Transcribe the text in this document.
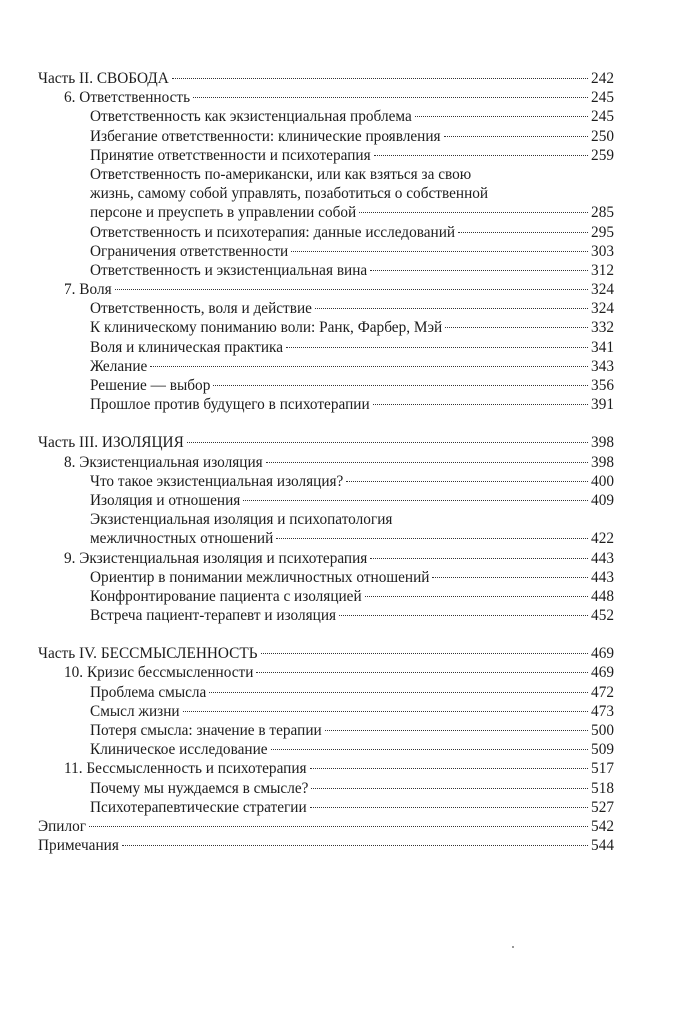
Часть II. СВОБОДА	242
6. Ответственность	245
Ответственность как экзистенциальная проблема	245
Избегание ответственности: клинические проявления	250
Принятие ответственности и психотерапия	259
Ответственность по-американски, или как взяться за свою
жизнь, самому собой управлять, позаботиться о собственной
персоне и преуспеть в управлении собой	285
Ответственность и психотерапия: данные исследований	295
Ограничения ответственности	303
Ответственность и экзистенциальная вина	312
7. Воля	324
Ответственность, воля и действие	324
К клиническому пониманию воли: Ранк, Фарбер, Мэй	332
Воля и клиническая практика	341
Желание	343
Решение — выбор	356
Прошлое против будущего в психотерапии	391
Часть III. ИЗОЛЯЦИЯ	398
8. Экзистенциальная изоляция	398
Что такое экзистенциальная изоляция?	400
Изоляция и отношения	409
Экзистенциальная изоляция и психопатология
межличностных отношений	422
9. Экзистенциальная изоляция и психотерапия	443
Ориентир в понимании межличностных отношений	443
Конфронтирование пациента с изоляцией	448
Встреча пациент-терапевт и изоляция	452
Часть IV. БЕССМЫСЛЕННОСТЬ	469
10. Кризис бессмысленности	469
Проблема смысла	472
Смысл жизни	473
Потеря смысла: значение в терапии	500
Клиническое исследование	509
11. Бессмысленность и психотерапия	517
Почему мы нуждаемся в смысле?	518
Психотерапевтические стратегии	527
Эпилог	542
Примечания	544
